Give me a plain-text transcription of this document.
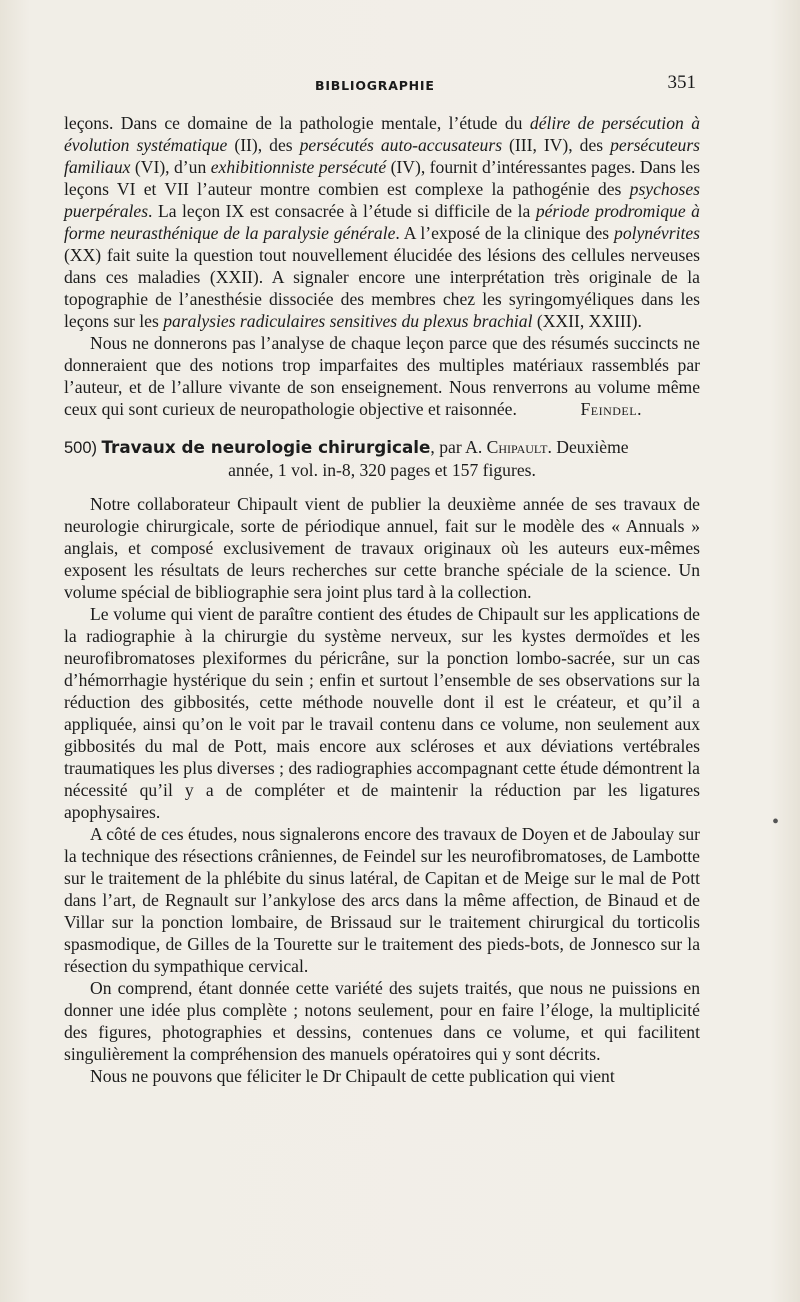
BIBLIOGRAPHIE	351

leçons. Dans ce domaine de la pathologie mentale, l’étude du délire de persécution à évolution systématique (II), des persécutés auto-accusateurs (III, IV), des persécuteurs familiaux (VI), d’un exhibitionniste persécuté (IV), fournit d’intéressantes pages. Dans les leçons VI et VII l’auteur montre combien est complexe la pathogénie des psychoses puerpérales. La leçon IX est consacrée à l’étude si difficile de la période prodromique à forme neurasthénique de la paralysie générale. A l’exposé de la clinique des polynévrites (XX) fait suite la question tout nouvellement élucidée des lésions des cellules nerveuses dans ces maladies (XXII). A signaler encore une interprétation très originale de la topographie de l’anesthésie dissociée des membres chez les syringomyéliques dans les leçons sur les paralysies radiculaires sensitives du plexus brachial (XXII, XXIII).

Nous ne donnerons pas l’analyse de chaque leçon parce que des résumés succincts ne donneraient que des notions trop imparfaites des multiples matériaux rassemblés par l’auteur, et de l’allure vivante de son enseignement. Nous renverrons au volume même ceux qui sont curieux de neuropathologie objective et raisonnée.	Feindel.

500) Travaux de neurologie chirurgicale, par A. Chipault. Deuxième

année, 1 vol. in-8, 320 pages et 157 figures.

Notre collaborateur Chipault vient de publier la deuxième année de ses travaux de neurologie chirurgicale, sorte de périodique annuel, fait sur le modèle des « Annuals » anglais, et composé exclusivement de travaux originaux où les auteurs eux-mêmes exposent les résultats de leurs recherches sur cette branche spéciale de la science. Un volume spécial de bibliographie sera joint plus tard à la collection.

Le volume qui vient de paraître contient des études de Chipault sur les applications de la radiographie à la chirurgie du système nerveux, sur les kystes dermoïdes et les neurofibromatoses plexiformes du péricrâne, sur la ponction lombo-sacrée, sur un cas d’hémorrhagie hystérique du sein ; enfin et surtout l’ensemble de ses observations sur la réduction des gibbosités, cette méthode nouvelle dont il est le créateur, et qu’il a appliquée, ainsi qu’on le voit par le travail contenu dans ce volume, non seulement aux gibbosités du mal de Pott, mais encore aux scléroses et aux déviations vertébrales traumatiques les plus diverses ; des radiographies accompagnant cette étude démontrent la nécessité qu’il y a de compléter et de maintenir la réduction par les ligatures apophysaires.

A côté de ces études, nous signalerons encore des travaux de Doyen et de Jaboulay sur la technique des résections crâniennes, de Feindel sur les neurofibromatoses, de Lambotte sur le traitement de la phlébite du sinus latéral, de Capitan et de Meige sur le mal de Pott dans l’art, de Regnault sur l’ankylose des arcs dans la même affection, de Binaud et de Villar sur la ponction lombaire, de Brissaud sur le traitement chirurgical du torticolis spasmodique, de Gilles de la Tourette sur le traitement des pieds-bots, de Jonnesco sur la résection du sympathique cervical.

On comprend, étant donnée cette variété des sujets traités, que nous ne puissions en donner une idée plus complète ; notons seulement, pour en faire l’éloge, la multiplicité des figures, photographies et dessins, contenues dans ce volume, et qui facilitent singulièrement la compréhension des manuels opératoires qui y sont décrits.

Nous ne pouvons que féliciter le Dr Chipault de cette publication qui vient

•
